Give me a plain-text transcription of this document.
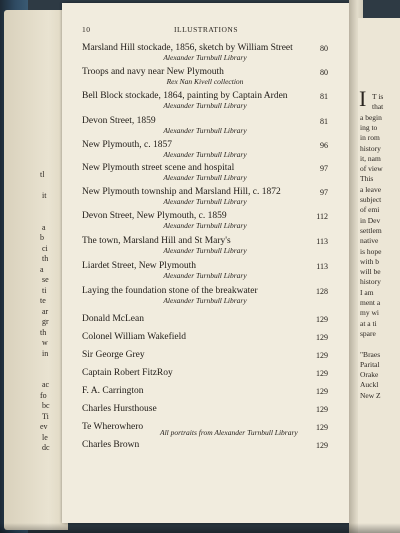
tl
it
a
b
ci
th
a
se
ti
te
ar
gr
th
w
in
ac
fo
bc
Ti
ev
le
dc
I T is
that
a begin
ing to
in rom
history
it, nam
of view
This
a leave
subject
of emi
in Dev
settlem
native
is hope
with b
will be
history
I am
ment a
my wi
at a ti
spare
"Braes
Parital
Orake
Auckl
New Z
10	ILLUSTRATIONS
Marsland Hill stockade, 1856, sketch by William Street	80
Alexander Turnbull Library
Troops and navy near New Plymouth	80
Rex Nan Kivell collection
Bell Block stockade, 1864, painting by Captain Arden	81
Alexander Turnbull Library
Devon Street, 1859	81
Alexander Turnbull Library
New Plymouth, c. 1857	96
Alexander Turnbull Library
New Plymouth street scene and hospital	97
Alexander Turnbull Library
New Plymouth township and Marsland Hill, c. 1872	97
Alexander Turnbull Library
Devon Street, New Plymouth, c. 1859	112
Alexander Turnbull Library
The town, Marsland Hill and St Mary's	113
Alexander Turnbull Library
Liardet Street, New Plymouth	113
Alexander Turnbull Library
Laying the foundation stone of the breakwater	128
Alexander Turnbull Library
Donald McLean	129
Colonel William Wakefield	129
Sir George Grey	129
Captain Robert FitzRoy	129
F. A. Carrington	129
Charles Hursthouse	129
Te Wherowhero	129
Charles Brown	129
All portraits from Alexander Turnbull Library
